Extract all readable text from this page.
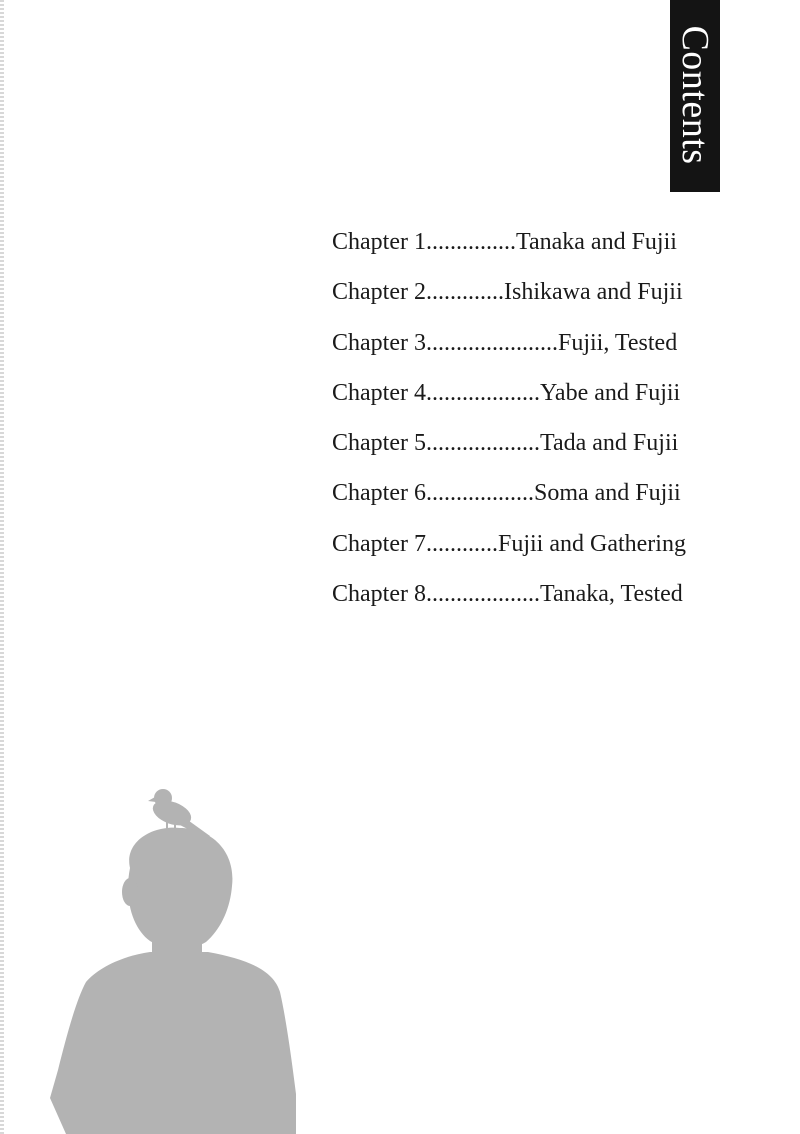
Contents
Chapter 1...............Tanaka and Fujii
Chapter 2.............Ishikawa and Fujii
Chapter 3......................Fujii, Tested
Chapter 4...................Yabe and Fujii
Chapter 5...................Tada and Fujii
Chapter 6..................Soma and Fujii
Chapter 7............Fujii and Gathering
Chapter 8...................Tanaka, Tested
